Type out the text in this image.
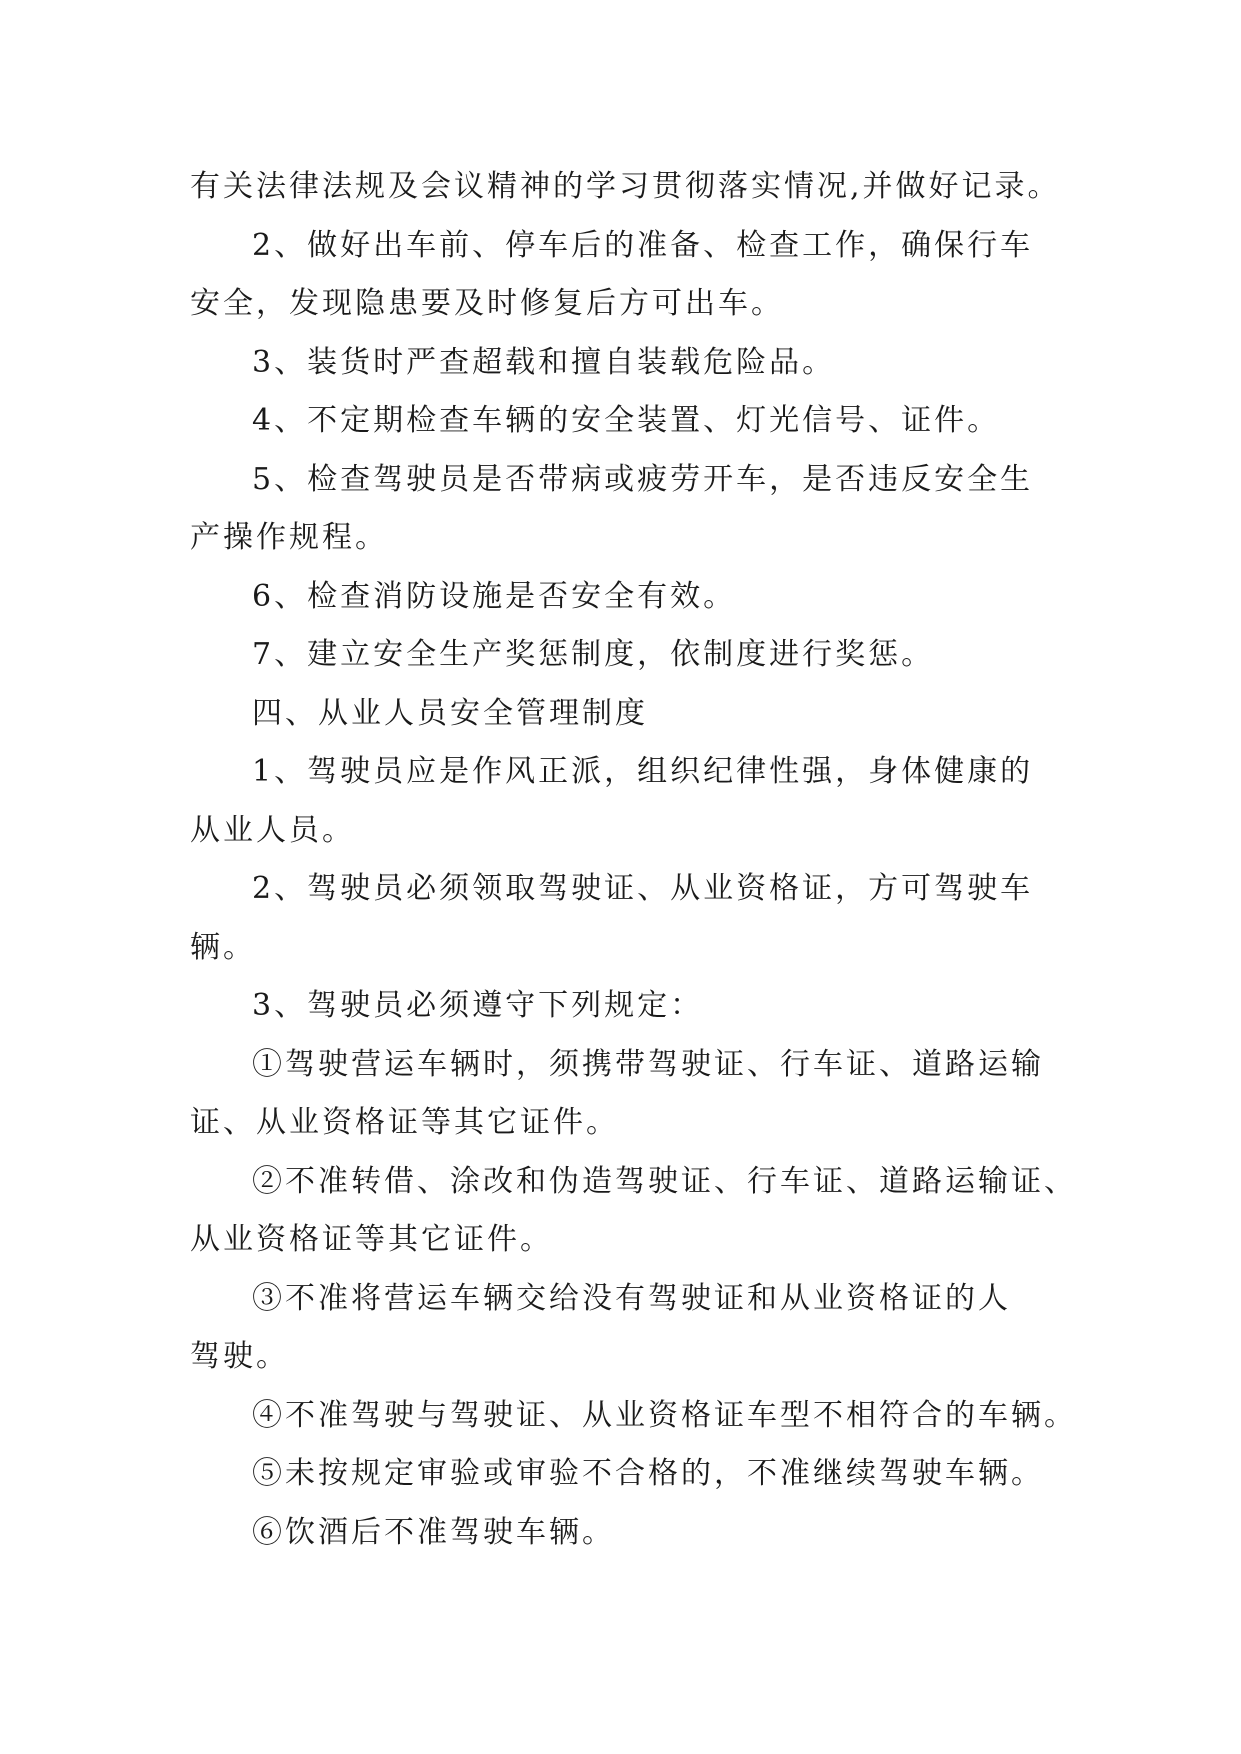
有关法律法规及会议精神的学习贯彻落实情况,并做好记录。
2、做好出车前、停车后的准备、检查工作，确保行车
安全，发现隐患要及时修复后方可出车。
3、装货时严查超载和擅自装载危险品。
4、不定期检查车辆的安全装置、灯光信号、证件。
5、检查驾驶员是否带病或疲劳开车，是否违反安全生
产操作规程。
6、检查消防设施是否安全有效。
7、建立安全生产奖惩制度，依制度进行奖惩。
四、从业人员安全管理制度
1、驾驶员应是作风正派，组织纪律性强，身体健康的
从业人员。
2、驾驶员必须领取驾驶证、从业资格证，方可驾驶车
辆。
3、驾驶员必须遵守下列规定：
①驾驶营运车辆时，须携带驾驶证、行车证、道路运输
证、从业资格证等其它证件。
②不准转借、涂改和伪造驾驶证、行车证、道路运输证、
从业资格证等其它证件。
③不准将营运车辆交给没有驾驶证和从业资格证的人
驾驶。
④不准驾驶与驾驶证、从业资格证车型不相符合的车辆。
⑤未按规定审验或审验不合格的，不准继续驾驶车辆。
⑥饮酒后不准驾驶车辆。
